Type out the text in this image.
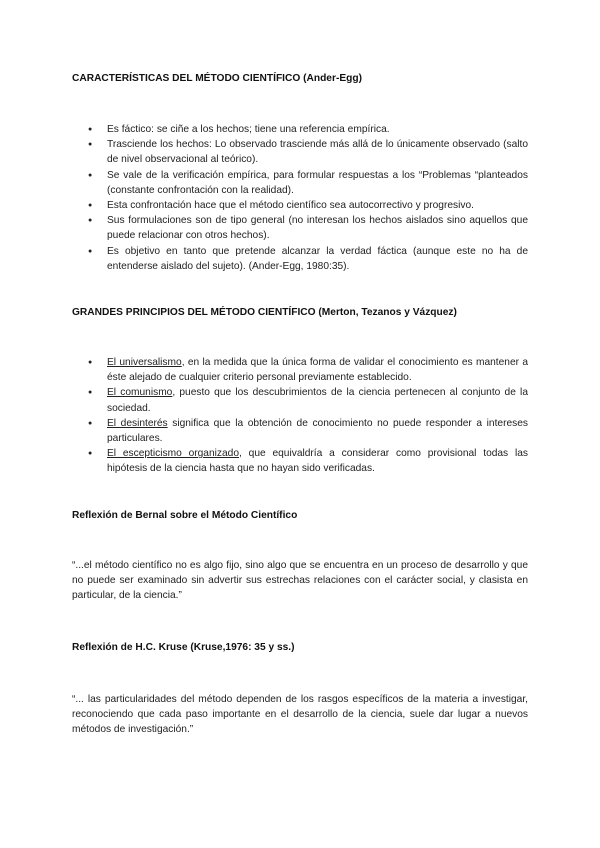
CARACTERÍSTICAS DEL MÉTODO CIENTÍFICO (Ander-Egg)
● Es fáctico: se ciñe a los hechos; tiene una referencia empírica.
● Trasciende los hechos: Lo observado trasciende más allá de lo únicamente observado (salto de nivel observacional al teórico).
● Se vale de la verificación empírica, para formular respuestas a los “Problemas “planteados (constante confrontación con la realidad).
● Esta confrontación hace que el método científico sea autocorrectivo y progresivo.
● Sus formulaciones son de tipo general (no interesan los hechos aislados sino aquellos que puede relacionar con otros hechos).
● Es objetivo en tanto que pretende alcanzar la verdad fáctica (aunque este no ha de entenderse aislado del sujeto). (Ander-Egg, 1980:35).
GRANDES PRINCIPIOS DEL MÉTODO CIENTÍFICO (Merton, Tezanos y Vázquez)
● El universalismo, en la medida que la única forma de validar el conocimiento es mantener a éste alejado de cualquier criterio personal previamente establecido.
● El comunismo, puesto que los descubrimientos de la ciencia pertenecen al conjunto de la sociedad.
● El desinterés significa que la obtención de conocimiento no puede responder a intereses particulares.
● El escepticismo organizado, que equivaldría a considerar como provisional todas las hipótesis de la ciencia hasta que no hayan sido verificadas.
Reflexión de Bernal sobre el Método Científico
“...el método científico no es algo fijo, sino algo que se encuentra en un proceso de desarrollo y que no puede ser examinado sin advertir sus estrechas relaciones con el carácter social, y clasista en particular, de la ciencia.”
Reflexión de H.C. Kruse (Kruse,1976: 35 y ss.)
“... las particularidades del método dependen de los rasgos específicos de la materia a investigar, reconociendo que cada paso importante en el desarrollo de la ciencia, suele dar lugar a nuevos métodos de investigación.”
